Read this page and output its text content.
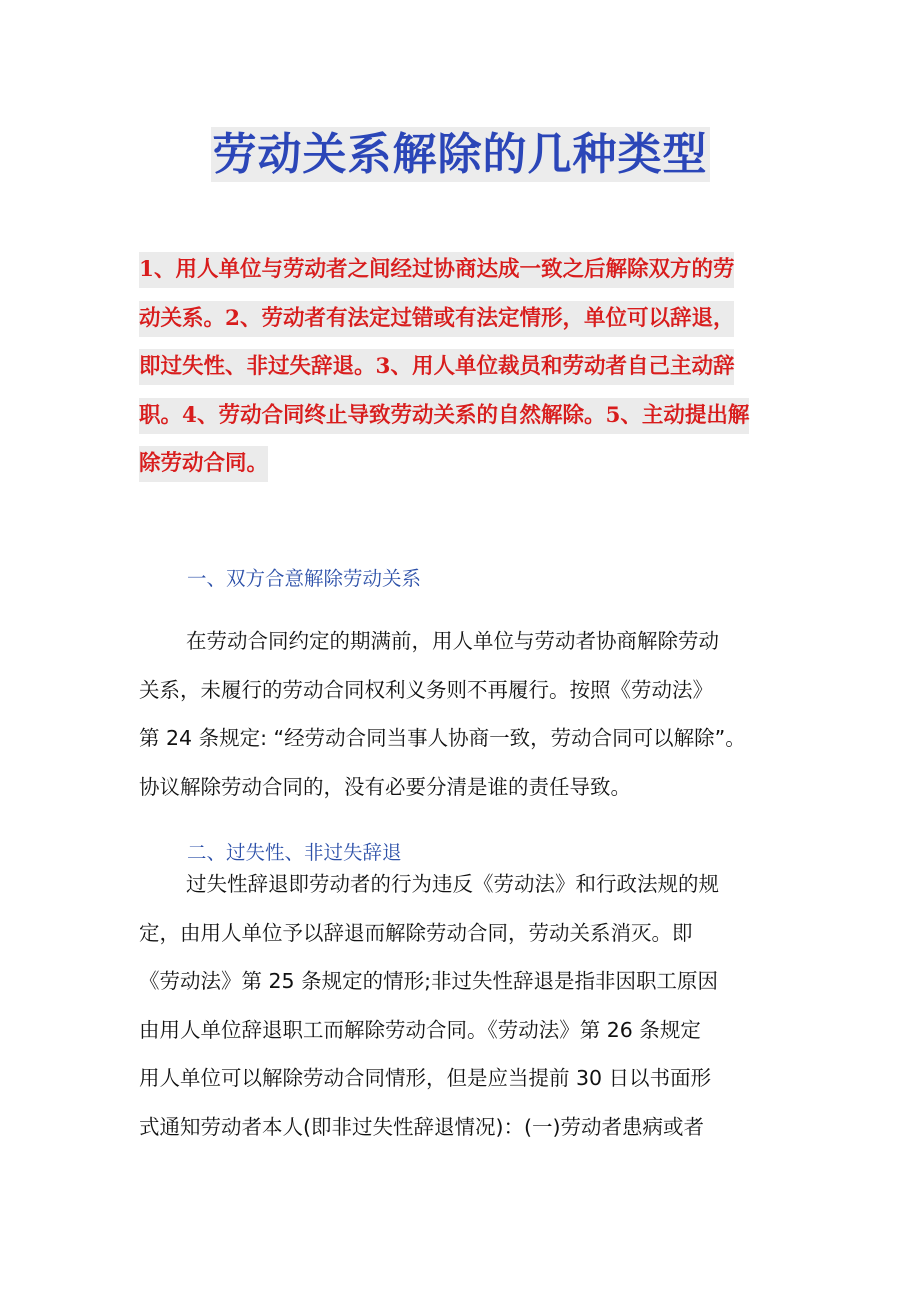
劳动关系解除的几种类型
1、用人单位与劳动者之间经过协商达成一致之后解除双方的劳
动关系。2、劳动者有法定过错或有法定情形，单位可以辞退，
即过失性、非过失辞退。3、用人单位裁员和劳动者自己主动辞
职。4、劳动合同终止导致劳动关系的自然解除。5、主动提出解
除劳动合同。
一、双方合意解除劳动关系
在劳动合同约定的期满前，用人单位与劳动者协商解除劳动
关系，未履行的劳动合同权利义务则不再履行。按照《劳动法》
第 24 条规定: “经劳动合同当事人协商一致，劳动合同可以解除”。
协议解除劳动合同的，没有必要分清是谁的责任导致。
二、过失性、非过失辞退
过失性辞退即劳动者的行为违反《劳动法》和行政法规的规
定，由用人单位予以辞退而解除劳动合同，劳动关系消灭。即
《劳动法》第 25 条规定的情形;非过失性辞退是指非因职工原因
由用人单位辞退职工而解除劳动合同。《劳动法》第 26 条规定
用人单位可以解除劳动合同情形，但是应当提前 30 日以书面形
式通知劳动者本人(即非过失性辞退情况)：(一)劳动者患病或者
